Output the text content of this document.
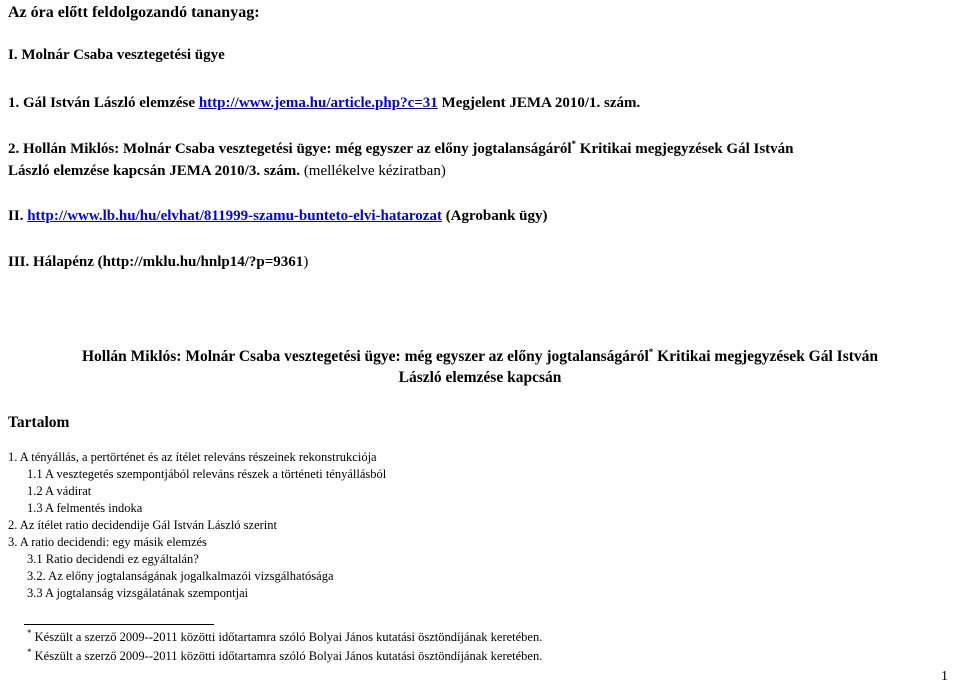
Az óra előtt feldolgozandó tananyag:
I. Molnár Csaba vesztegetési ügye
1. Gál István László elemzése http://www.jema.hu/article.php?c=31 Megjelent JEMA 2010/1. szám.
2. Hollán Miklós: Molnár Csaba vesztegetési ügye: még egyszer az előny jogtalanságáról* Kritikai megjegyzések Gál István
László elemzése kapcsán JEMA 2010/3. szám. (mellékelve kéziratban)
II. http://www.lb.hu/hu/elvhat/811999-szamu-bunteto-elvi-hatarozat (Agrobank ügy)
III. Hálapénz (http://mklu.hu/hnlp14/?p=9361)
Hollán Miklós: Molnár Csaba vesztegetési ügye: még egyszer az előny jogtalanságáról* Kritikai megjegyzések Gál István
László elemzése kapcsán
Tartalom
1. A tényállás, a pertörténet és az ítélet releváns részeinek rekonstrukciója
1.1 A vesztegetés szempontjából releváns részek a történeti tényállásból
1.2 A vádirat
1.3 A felmentés indoka
2. Az ítélet ratio decidendije Gál István László szerint
3. A ratio decidendi: egy másik elemzés
3.1 Ratio decidendi ez egyáltalán?
3.2. Az előny jogtalanságának jogalkalmazói vizsgálhatósága
3.3 A jogtalanság vizsgálatának szempontjai
* Készült a szerző 2009--2011 közötti időtartamra szóló Bolyai János kutatási ösztöndíjának keretében.
* Készült a szerző 2009--2011 közötti időtartamra szóló Bolyai János kutatási ösztöndíjának keretében.
1
